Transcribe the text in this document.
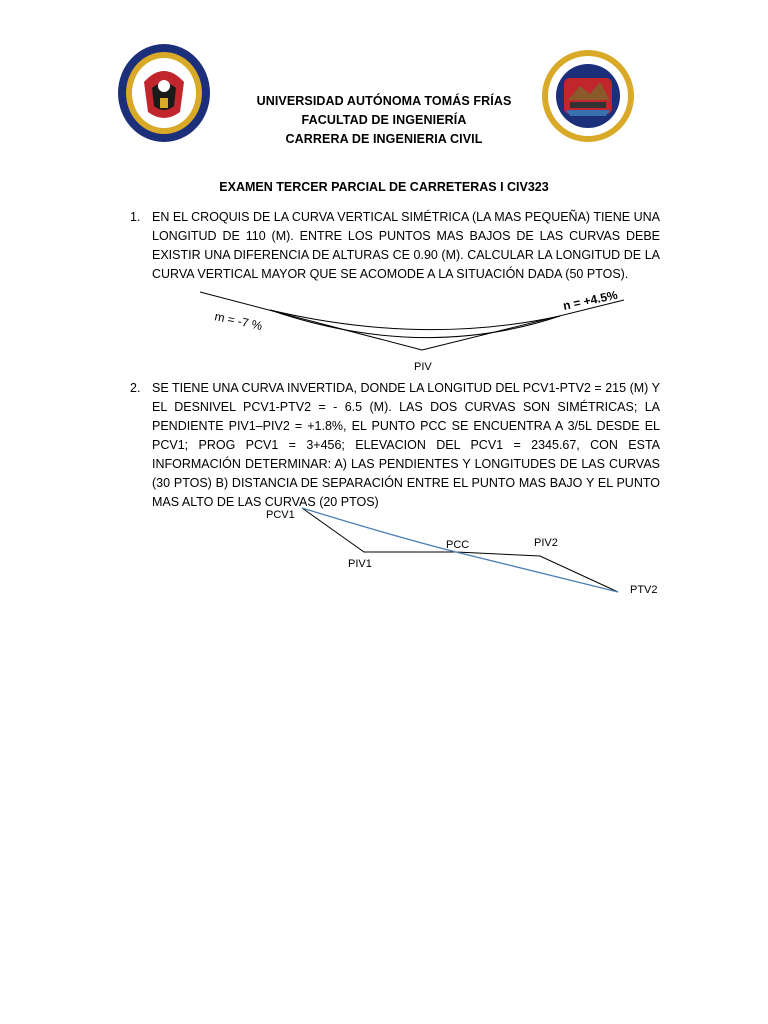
UNIVERSIDAD AUTÓNOMA TOMÁS FRÍAS
FACULTAD DE INGENIERÍA
CARRERA DE INGENIERIA CIVIL
EXAMEN TERCER PARCIAL DE CARRETERAS I CIV323
1. EN EL CROQUIS DE LA CURVA VERTICAL SIMÉTRICA (LA MAS PEQUEÑA) TIENE UNA LONGITUD DE 110 (M). ENTRE LOS PUNTOS MAS BAJOS DE LAS CURVAS DEBE EXISTIR UNA DIFERENCIA DE ALTURAS CE 0.90 (M). CALCULAR LA LONGITUD DE LA CURVA VERTICAL MAYOR QUE SE ACOMODE A LA SITUACIÓN DADA (50 PTOS).
m = -7 %
n = +4.5%
PIV
2. SE TIENE UNA CURVA INVERTIDA, DONDE LA LONGITUD DEL PCV1-PTV2 = 215 (M) Y EL DESNIVEL PCV1-PTV2 = - 6.5 (M). LAS DOS CURVAS SON SIMÉTRICAS; LA PENDIENTE PIV1–PIV2 = +1.8%, EL PUNTO PCC SE ENCUENTRA A 3/5L DESDE EL PCV1; PROG PCV1 = 3+456; ELEVACION DEL PCV1 = 2345.67, CON ESTA INFORMACIÓN DETERMINAR: A) LAS PENDIENTES Y LONGITUDES DE LAS CURVAS (30 PTOS) B) DISTANCIA DE SEPARACIÓN ENTRE EL PUNTO MAS BAJO Y EL PUNTO MAS ALTO DE LAS CURVAS (20 PTOS)
PCV1
PIV1
PCC	PIV2
PTV2
